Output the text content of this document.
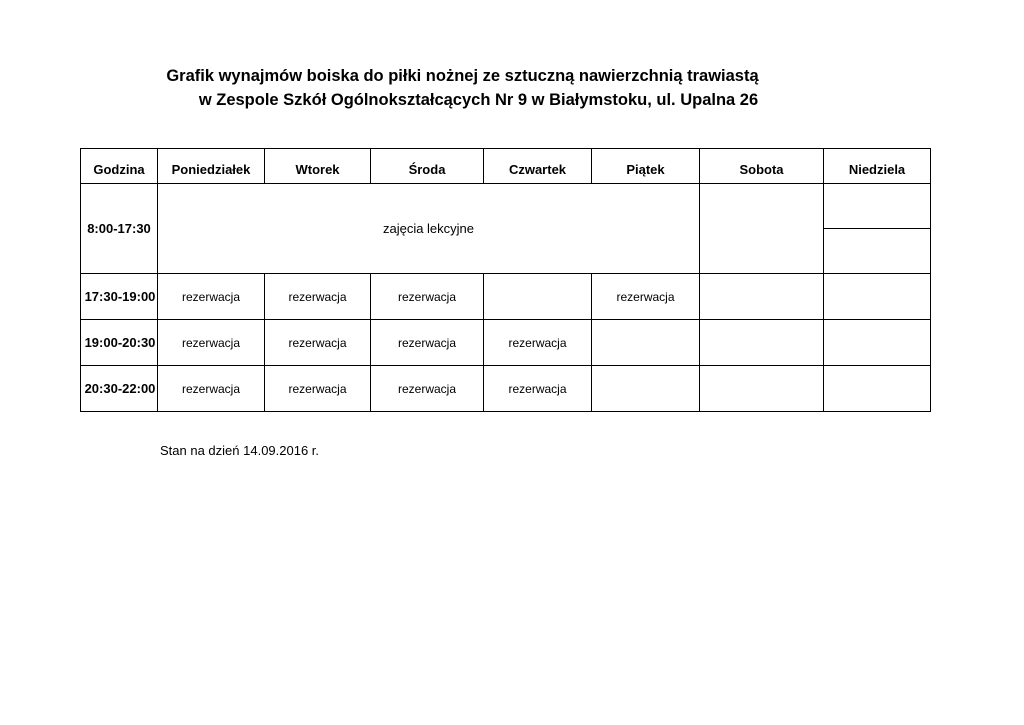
Grafik wynajmów boiska do piłki nożnej ze sztuczną nawierzchnią trawiastą
w Zespole Szkół Ogólnokształcących Nr 9 w Białymstoku, ul. Upalna 26
Godzina	Poniedziałek	Wtorek	Środa	Czwartek	Piątek	Sobota	Niedziela
8:00-17:30	zajęcia lekcyjne						

17:30-19:00	rezerwacja	rezerwacja	rezerwacja		rezerwacja		
19:00-20:30	rezerwacja	rezerwacja	rezerwacja	rezerwacja			
20:30-22:00	rezerwacja	rezerwacja	rezerwacja	rezerwacja			
Stan na dzień 14.09.2016 r.
